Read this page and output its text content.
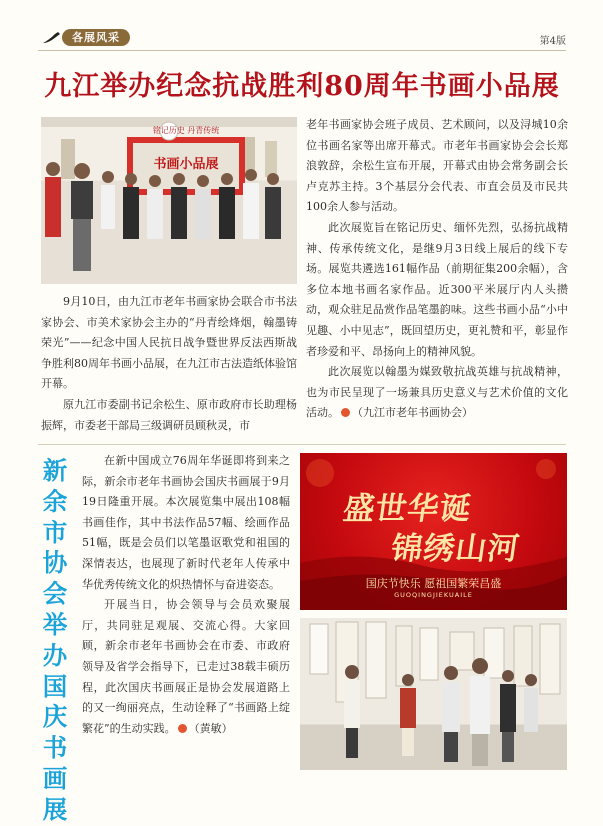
各展风采	第4版
九江举办纪念抗战胜利80周年书画小品展
铭记历史 丹青传统
书画小品展

9月10日，由九江市老年书画家协会联合市书法家协会、市美术家协会主办的“丹青绘烽烟，翰墨铸荣光”——纪念中国人民抗日战争暨世界反法西斯战争胜利80周年书画小品展，在九江市古法造纸体验馆开幕。

原九江市委副书记余松生、原市政府市长助理杨振辉，市委老干部局三级调研员顾秋灵，市

老年书画家协会班子成员、艺术顾问，以及浔城10余位书画名家等出席开幕式。市老年书画家协会会长郑浪敦辞，余松生宣布开展，开幕式由协会常务副会长卢克苏主持。3个基层分会代表、市直会员及市民共100余人参与活动。

此次展览旨在铭记历史、缅怀先烈，弘扬抗战精神、传承传统文化，是继9月3日线上展后的线下专场。展览共遴选161幅作品（前期征集200余幅），含多位本地书画名家作品。近300平米展厅内人头攒动，观众驻足品赏作品笔墨韵味。这些书画小品“小中见趣、小中见志”，既回望历史，更礼赞和平，彰显作者珍爱和平、昂扬向上的精神风貌。

此次展览以翰墨为媒致敬抗战英雄与抗战精神，也为市民呈现了一场兼具历史意义与艺术价值的文化活动。 （九江市老年书画协会）

新余市协会举办国庆书画展

在新中国成立76周年华诞即将到来之际，新余市老年书画协会国庆书画展于9月19日隆重开展。本次展览集中展出108幅书画佳作，其中书法作品57幅、绘画作品51幅，既是会员们以笔墨讴歌党和祖国的深情表达，也展现了新时代老年人传承中华优秀传统文化的炽热情怀与奋进姿态。

开展当日，协会领导与会员欢聚展厅，共同驻足观展、交流心得。大家回顾，新余市老年书画协会在市委、市政府领导及省学会指导下，已走过38载丰硕历程，此次国庆书画展正是协会发展道路上的又一绚丽亮点，生动诠释了“书画路上绽繁花”的生动实践。 （黄敏）

盛世华诞
锦绣山河
国庆节快乐 愿祖国繁荣昌盛
GUOQINGJIEKUAILE
